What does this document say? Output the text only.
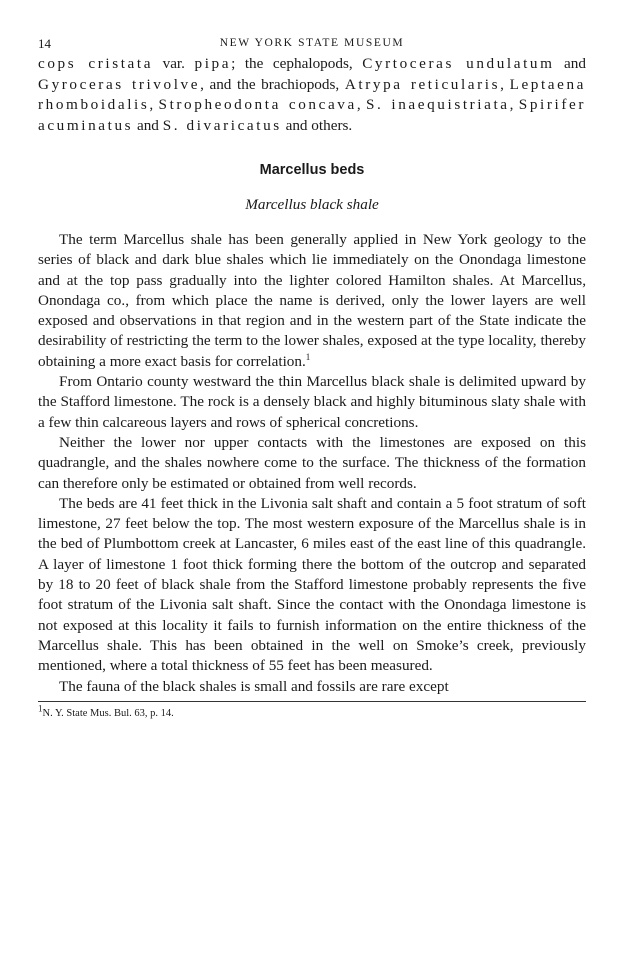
14	NEW YORK STATE MUSEUM

cops cristata var. pipa; the cephalopods, Cyrtoceras undulatum and Gyroceras trivolve, and the brachiopods, Atrypa reticularis, Leptaena rhomboidalis, Stropheodonta concava, S. inaequistriata, Spirifer acuminatus and S. divaricatus and others.

Marcellus beds
Marcellus black shale

The term Marcellus shale has been generally applied in New York geology to the series of black and dark blue shales which lie immediately on the Onondaga limestone and at the top pass gradually into the lighter colored Hamilton shales. At Marcellus, Onondaga co., from which place the name is derived, only the lower layers are well exposed and observations in that region and in the western part of the State indicate the desirability of restricting the term to the lower shales, exposed at the type locality, thereby obtaining a more exact basis for correlation.$^1$

From Ontario county westward the thin Marcellus black shale is delimited upward by the Stafford limestone. The rock is a densely black and highly bituminous slaty shale with a few thin calcareous layers and rows of spherical concretions.

Neither the lower nor upper contacts with the limestones are exposed on this quadrangle, and the shales nowhere come to the surface. The thickness of the formation can therefore only be estimated or obtained from well records.

The beds are 41 feet thick in the Livonia salt shaft and contain a 5 foot stratum of soft limestone, 27 feet below the top. The most western exposure of the Marcellus shale is in the bed of Plumbottom creek at Lancaster, 6 miles east of the east line of this quadrangle. A layer of limestone 1 foot thick forming there the bottom of the outcrop and separated by 18 to 20 feet of black shale from the Stafford limestone probably represents the five foot stratum of the Livonia salt shaft. Since the contact with the Onondaga limestone is not exposed at this locality it fails to furnish information on the entire thickness of the Marcellus shale. This has been obtained in the well on Smoke’s creek, previously mentioned, where a total thickness of 55 feet has been measured.

The fauna of the black shales is small and fossils are rare except

$^1$N. Y. State Mus. Bul. 63, p. 14.
